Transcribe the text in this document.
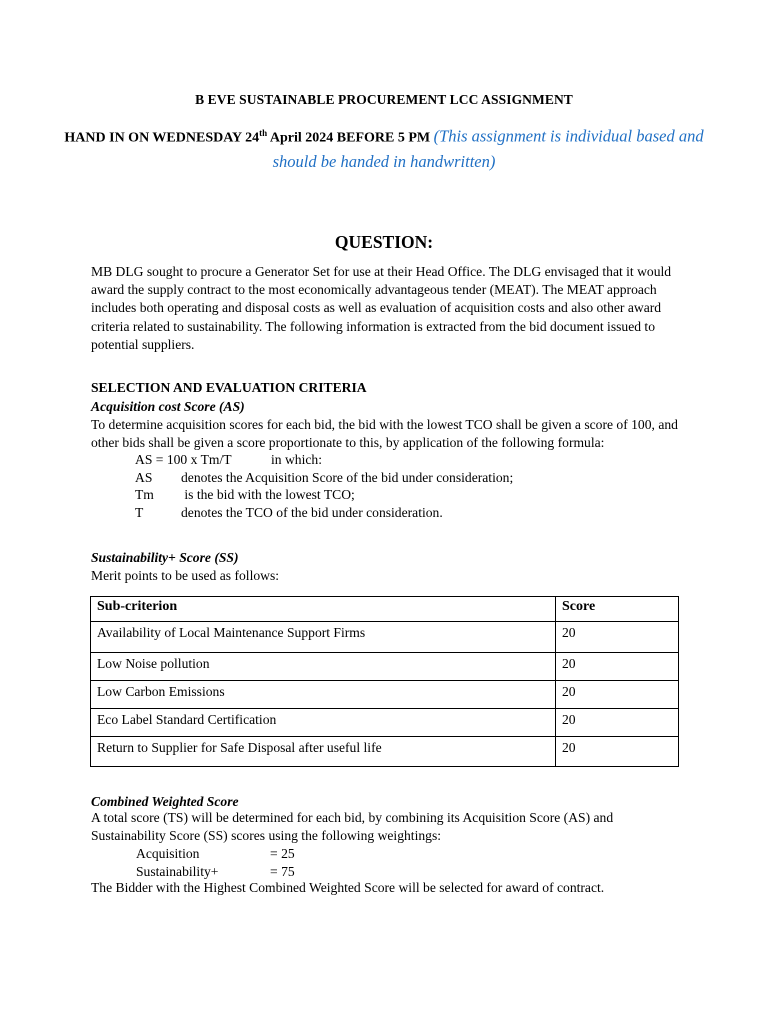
B EVE SUSTAINABLE PROCUREMENT LCC ASSIGNMENT
HAND IN ON WEDNESDAY 24th April 2024 BEFORE 5 PM (This assignment is individual based and should be handed in handwritten)
QUESTION:
MB DLG sought to procure a Generator Set for use at their Head Office. The DLG envisaged that it would award the supply contract to the most economically advantageous tender (MEAT). The MEAT approach includes both operating and disposal costs as well as evaluation of acquisition costs and also other award criteria related to sustainability. The following information is extracted from the bid document issued to potential suppliers.
SELECTION AND EVALUATION CRITERIA
Acquisition cost Score (AS)
To determine acquisition scores for each bid, the bid with the lowest TCO shall be given a score of 100, and other bids shall be given a score proportionate to this, by application of the following formula:
AS = 100 x Tm/T	in which:
AS denotes the Acquisition Score of the bid under consideration;
Tm is the bid with the lowest TCO;
T	denotes the TCO of the bid under consideration.
Sustainability+ Score (SS)
Merit points to be used as follows:
Sub-criterion	Score
Availability of Local Maintenance Support Firms	20
Low Noise pollution	20
Low Carbon Emissions	20
Eco Label Standard Certification	20
Return to Supplier for Safe Disposal after useful life	20
Combined Weighted Score
A total score (TS) will be determined for each bid, by combining its Acquisition Score (AS) and Sustainability Score (SS) scores using the following weightings:
Acquisition	= 25
Sustainability+	= 75
The Bidder with the Highest Combined Weighted Score will be selected for award of contract.
